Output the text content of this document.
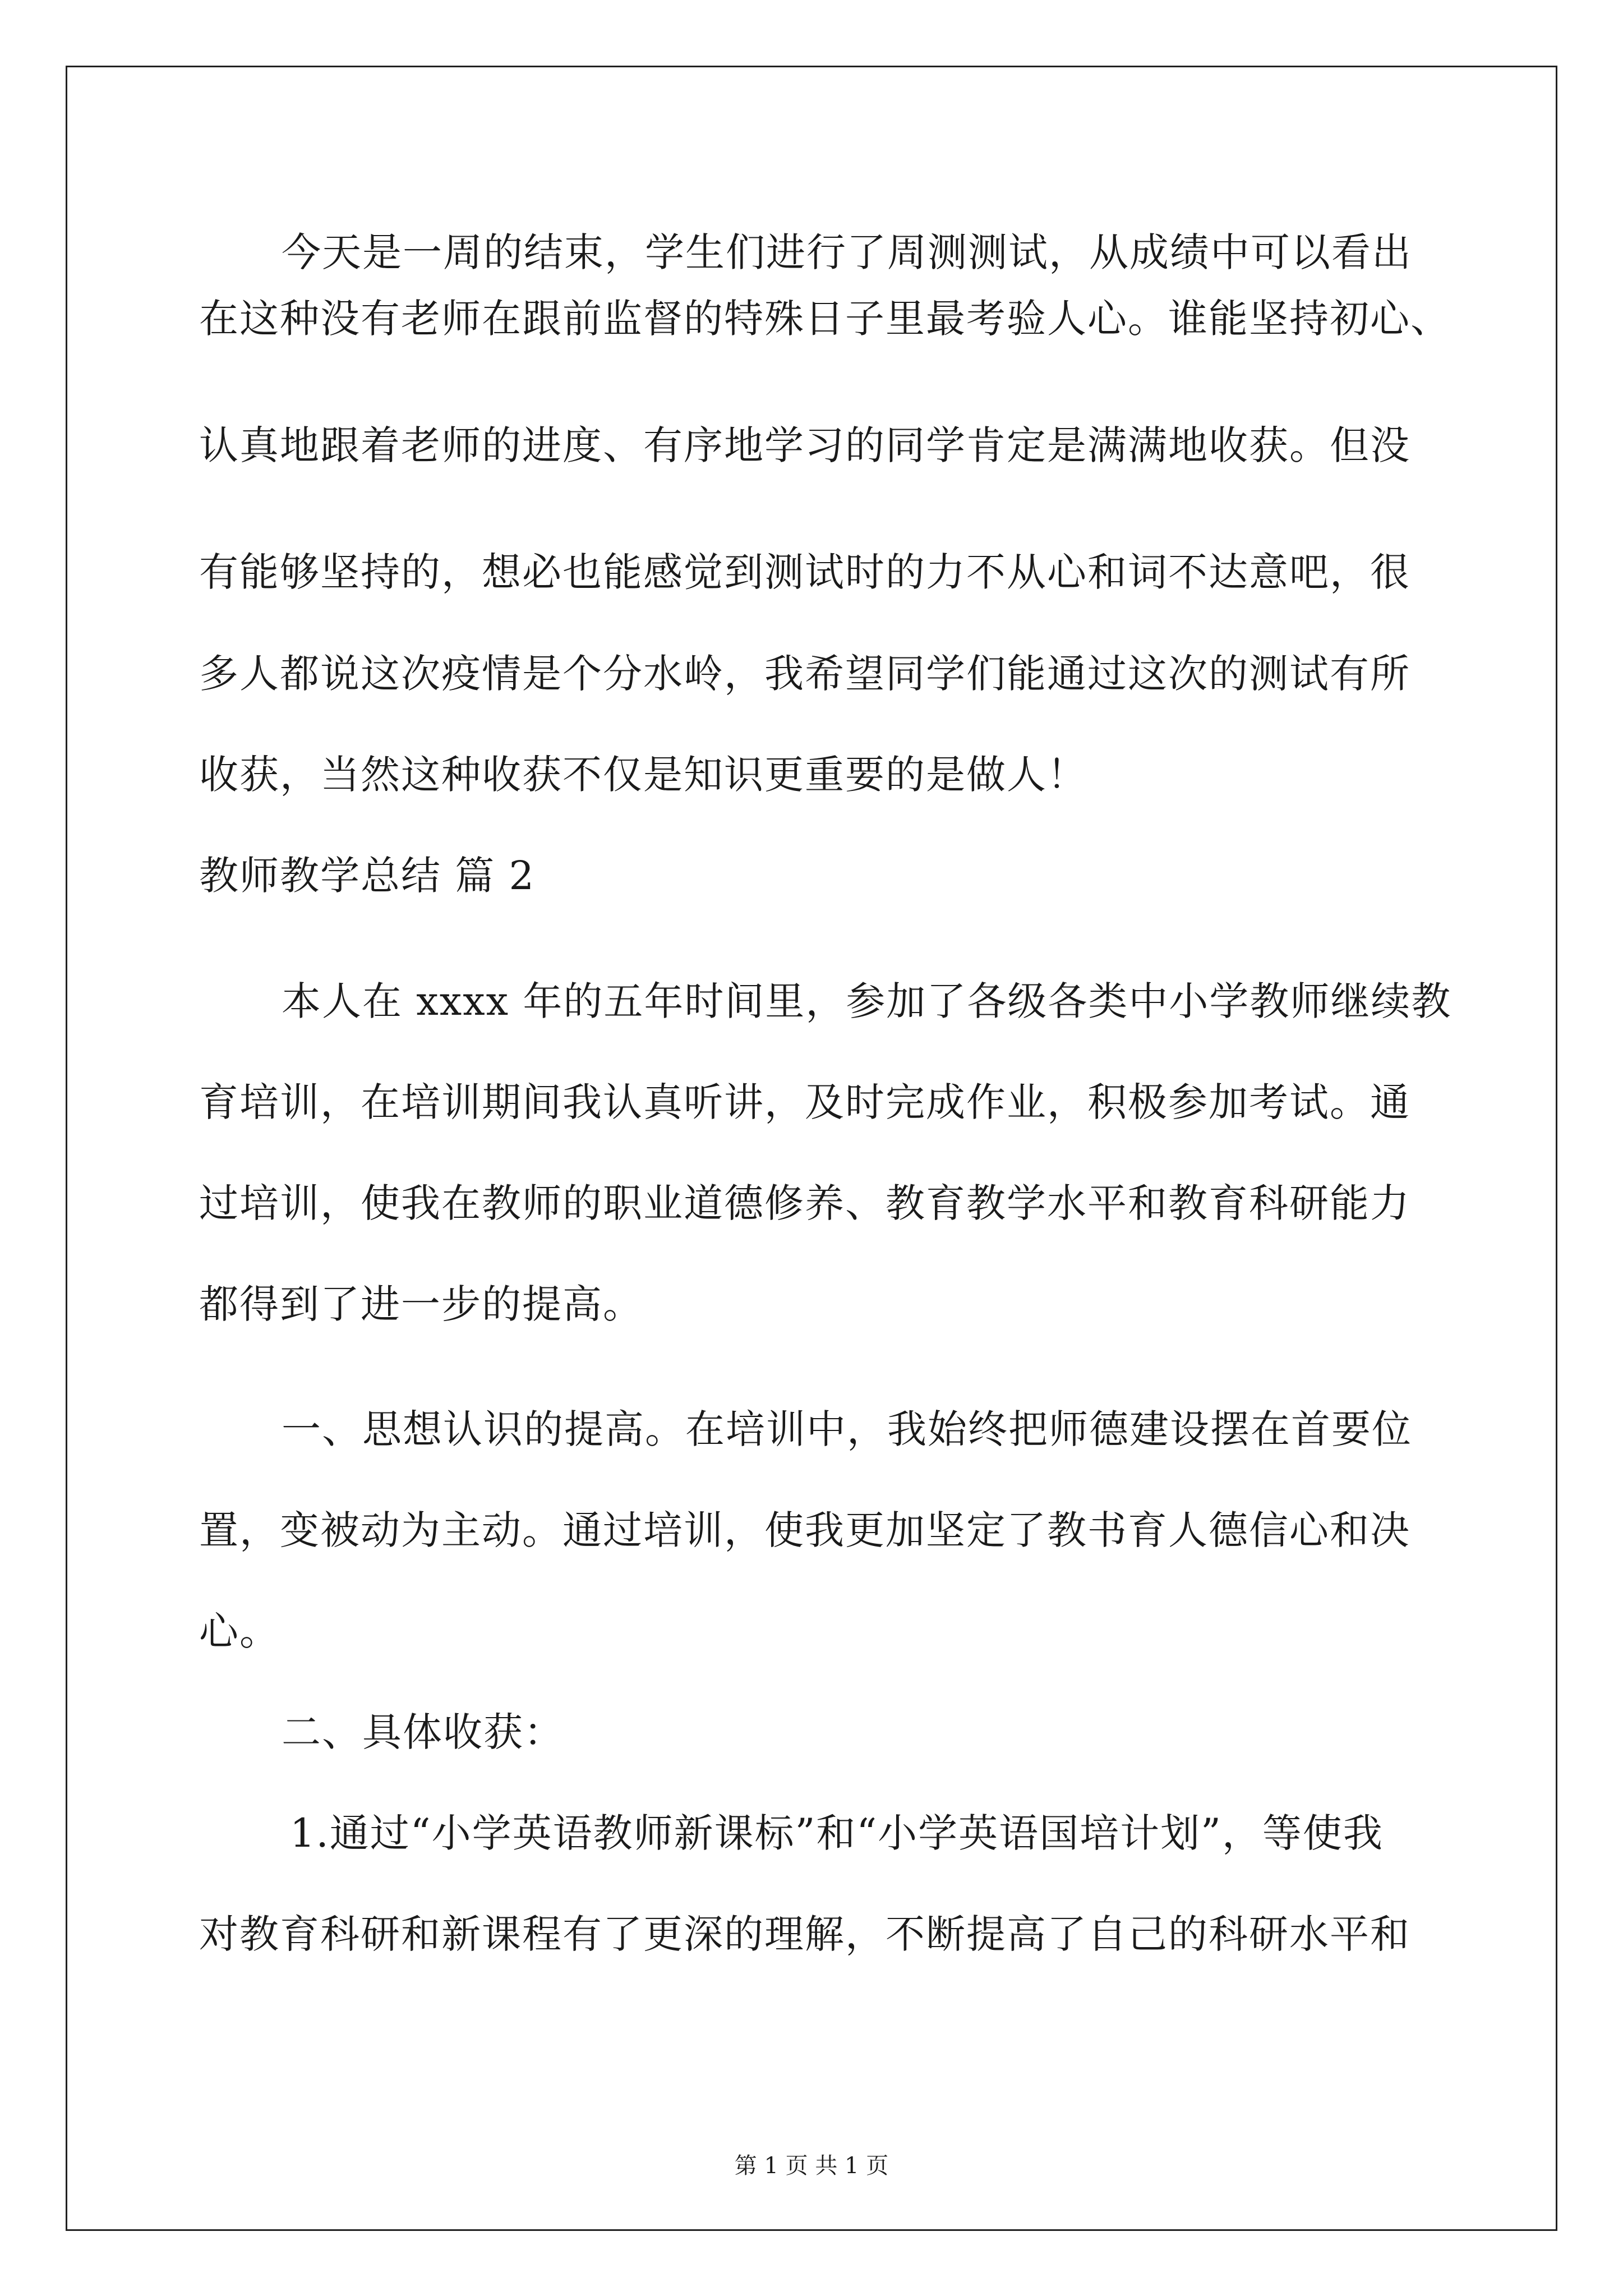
今天是一周的结束，学生们进行了周测测试，从成绩中可以看出
在这种没有老师在跟前监督的特殊日子里最考验人心。谁能坚持初心、
认真地跟着老师的进度、有序地学习的同学肯定是满满地收获。但没
有能够坚持的，想必也能感觉到测试时的力不从心和词不达意吧，很
多人都说这次疫情是个分水岭，我希望同学们能通过这次的测试有所
收获，当然这种收获不仅是知识更重要的是做人！
教师教学总结 篇 2
本人在 xxxx 年的五年时间里，参加了各级各类中小学教师继续教
育培训，在培训期间我认真听讲，及时完成作业，积极参加考试。通
过培训，使我在教师的职业道德修养、教育教学水平和教育科研能力
都得到了进一步的提高。
一、思想认识的提高。在培训中，我始终把师德建设摆在首要位
置，变被动为主动。通过培训，使我更加坚定了教书育人德信心和决
心。
二、具体收获：
1.通过“小学英语教师新课标”和“小学英语国培计划”，等使我
对教育科研和新课程有了更深的理解，不断提高了自己的科研水平和
第 1 页 共 1 页
